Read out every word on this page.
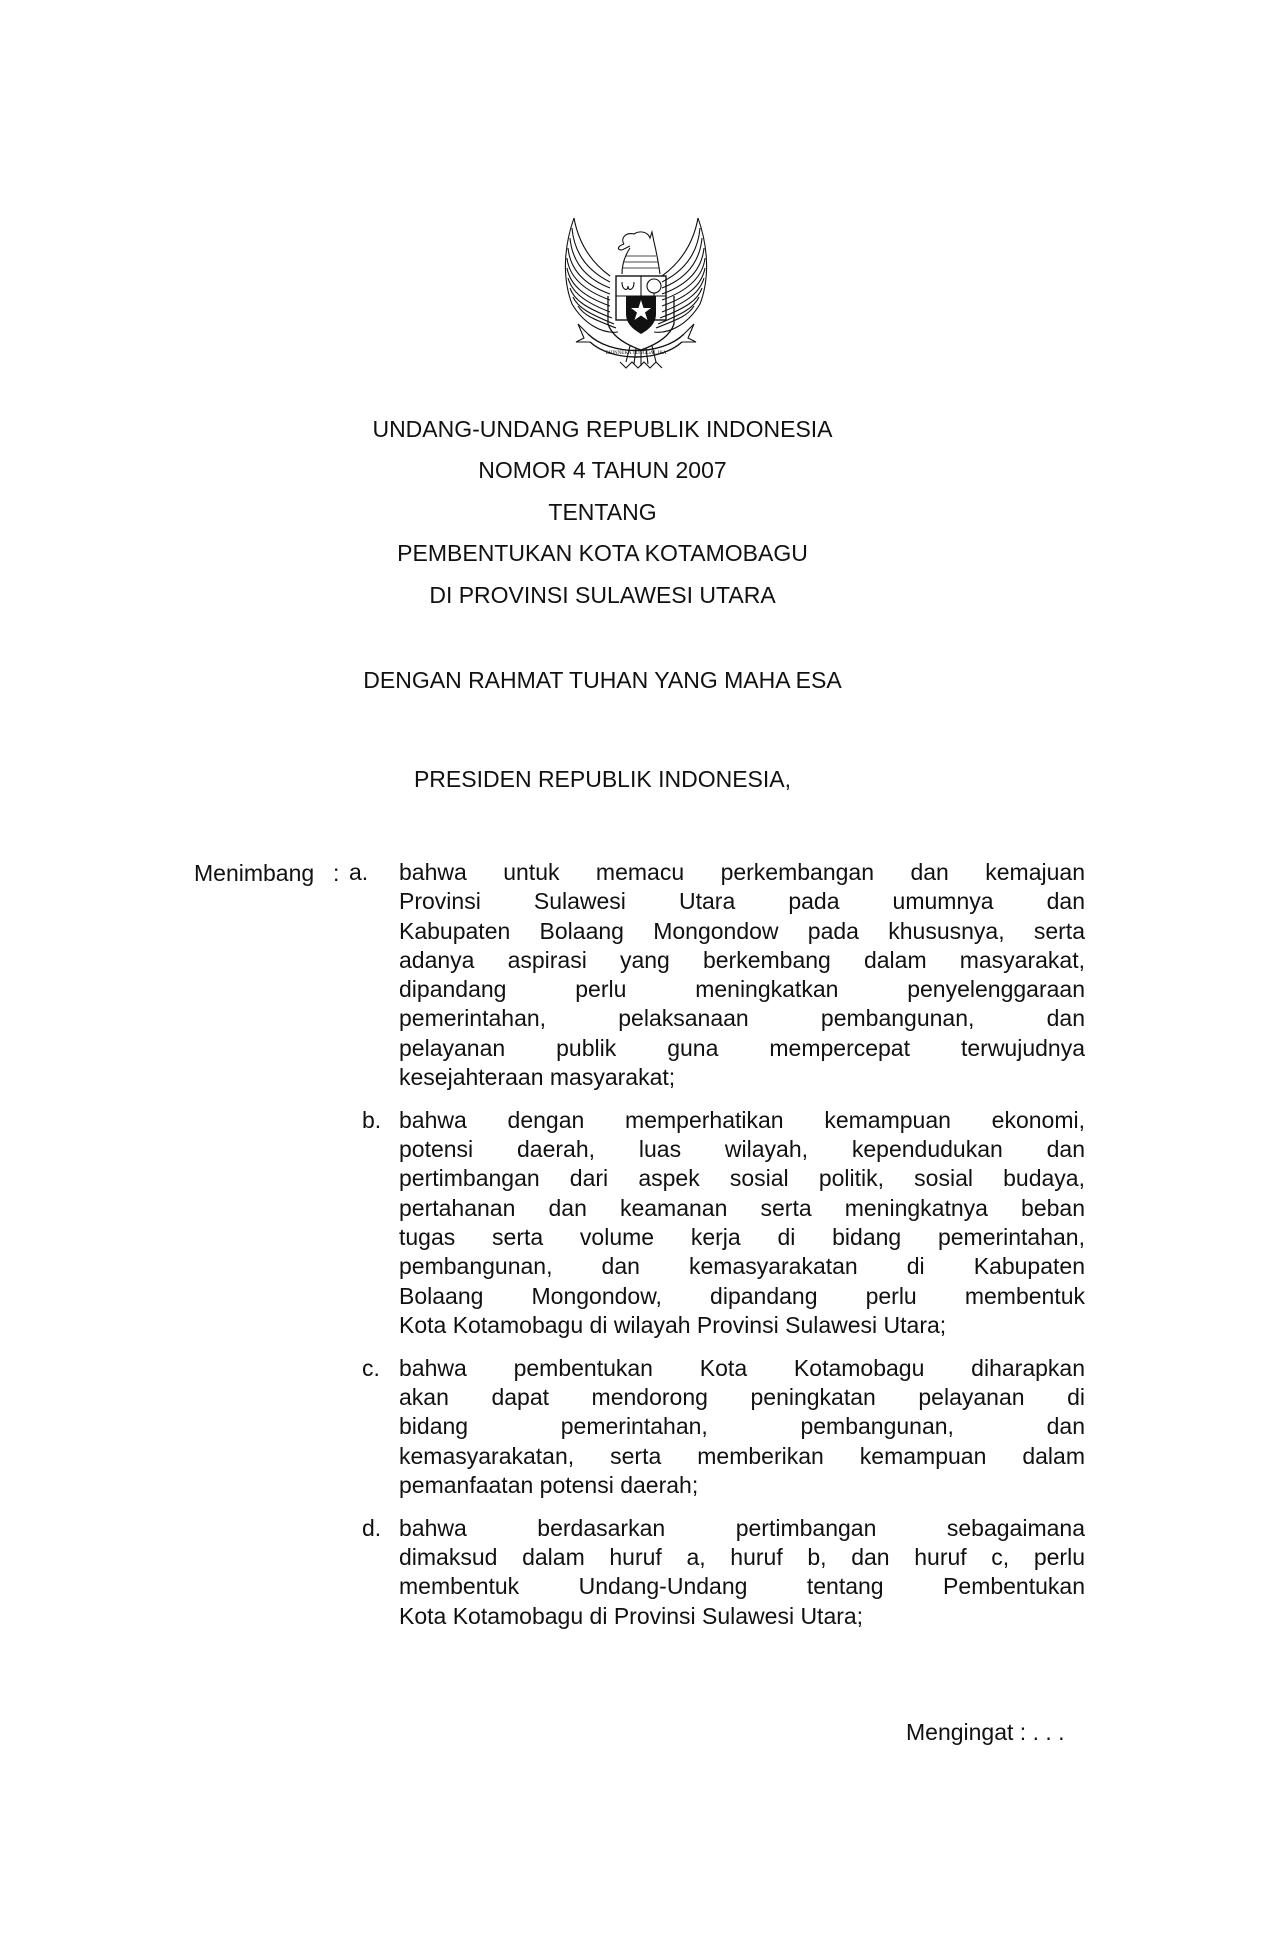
BHINNEKA TUNGGAL IKA
UNDANG-UNDANG REPUBLIK INDONESIA
NOMOR 4 TAHUN 2007
TENTANG
PEMBENTUKAN KOTA KOTAMOBAGU
DI PROVINSI SULAWESI UTARA
DENGAN RAHMAT TUHAN YANG MAHA ESA
PRESIDEN REPUBLIK INDONESIA,
Menimbang : a. bahwa untuk memacu perkembangan dan kemajuan
Provinsi Sulawesi Utara pada umumnya dan
Kabupaten Bolaang Mongondow pada khususnya, serta
adanya aspirasi yang berkembang dalam masyarakat,
dipandang perlu meningkatkan penyelenggaraan
pemerintahan, pelaksanaan pembangunan, dan
pelayanan publik guna mempercepat terwujudnya
kesejahteraan masyarakat;
b. bahwa dengan memperhatikan kemampuan ekonomi,
potensi daerah, luas wilayah, kependudukan dan
pertimbangan dari aspek sosial politik, sosial budaya,
pertahanan dan keamanan serta meningkatnya beban
tugas serta volume kerja di bidang pemerintahan,
pembangunan, dan kemasyarakatan di Kabupaten
Bolaang Mongondow, dipandang perlu membentuk
Kota Kotamobagu di wilayah Provinsi Sulawesi Utara;
c. bahwa pembentukan Kota Kotamobagu diharapkan
akan dapat mendorong peningkatan pelayanan di
bidang pemerintahan, pembangunan, dan
kemasyarakatan, serta memberikan kemampuan dalam
pemanfaatan potensi daerah;
d. bahwa berdasarkan pertimbangan sebagaimana
dimaksud dalam huruf a, huruf b, dan huruf c, perlu
membentuk Undang-Undang tentang Pembentukan
Kota Kotamobagu di Provinsi Sulawesi Utara;
Mengingat : . . .
